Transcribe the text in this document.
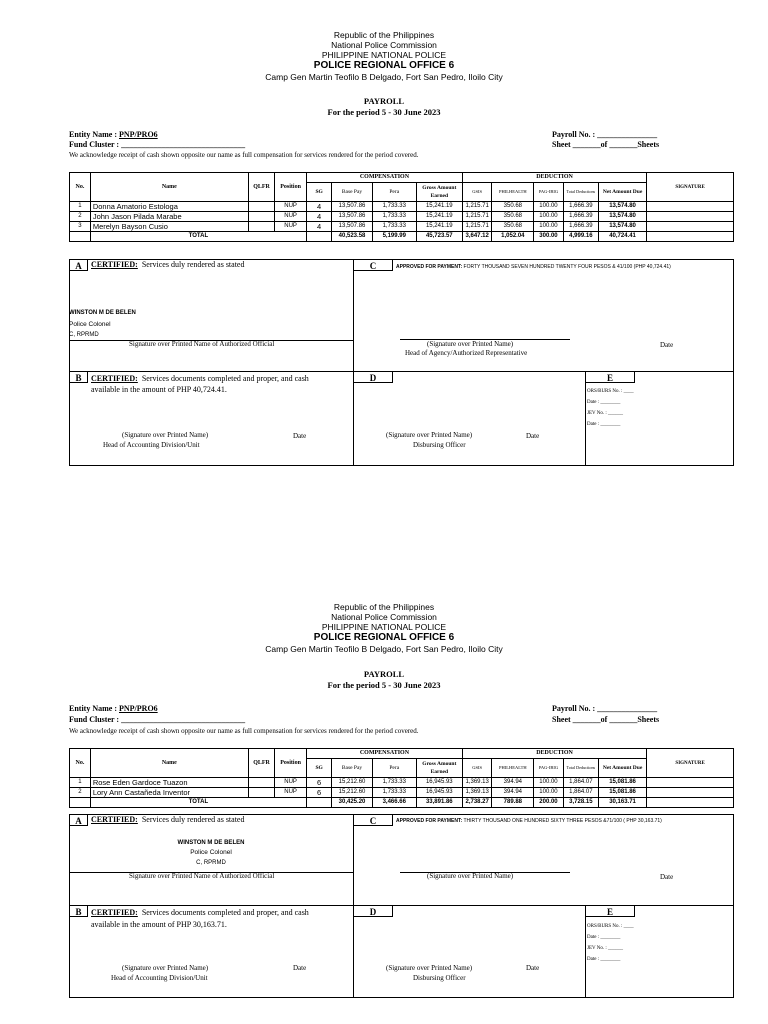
Republic of the Philippines
National Police Commission
PHILIPPINE NATIONAL POLICE
POLICE REGIONAL OFFICE 6
Camp Gen Martin Teofilo B Delgado, Fort San Pedro, Iloilo City
PAYROLL
For the period 5 - 30 June 2023
Entity Name : PNP/PRO6
Fund Cluster : _______________________________
Payroll No. : _______________
Sheet _______of _______Sheets
We acknowledge receipt of cash shown opposite our name as full compensation for services rendered for the period covered.
No.	Name	QLFR	Position	COMPENSATION				DEDUCTION					SIGNATURE
				SG	Base Pay	Pera	Gross Amount Earned	GSIS	PHILHEALTH	PAG-IBIG	Total Deductions	Net Amount Due	
1	Donna Amatorio Estologa		NUP	4	13,507.86	1,733.33	15,241.19	1,215.71	350.68	100.00	1,666.39	13,574.80	
2	John Jason Pilada Marabe		NUP	4	13,507.86	1,733.33	15,241.19	1,215.71	350.68	100.00	1,666.39	13,574.80	
3	Merelyn Bayson Cusio		NUP	4	13,507.86	1,733.33	15,241.19	1,215.71	350.68	100.00	1,666.39	13,574.80	
	TOTAL				40,523.58	5,199.99	45,723.57	3,647.12	1,052.04	300.00	4,999.16	40,724.41	
A	CERTIFIED: Services duly rendered as stated	C	APPROVED FOR PAYMENT: FORTY THOUSAND SEVEN HUNDRED TWENTY FOUR PESOS & 41/100 (PHP 40,724.41)
WINSTON M DE BELEN
Police Colonel
C, RPRMD
Signature over Printed Name of Authorized Official	(Signature over Printed Name)
Head of Agency/Authorized Representative
Date
B	CERTIFIED: Services documents completed and proper, and cash
available in the amount of PHP 40,724.41.
D	E
ORS/BURS No. : ____
Date : ________
JEV No. : ______
Date : ________
(Signature over Printed Name)
Head of Accounting Division/Unit
Date	(Signature over Printed Name)
Disbursing Officer
Date
Republic of the Philippines
National Police Commission
PHILIPPINE NATIONAL POLICE
POLICE REGIONAL OFFICE 6
Camp Gen Martin Teofilo B Delgado, Fort San Pedro, Iloilo City
PAYROLL
For the period 5 - 30 June 2023
Entity Name : PNP/PRO6
Fund Cluster : _______________________________
Payroll No. : _______________
Sheet _______of _______Sheets
We acknowledge receipt of cash shown opposite our name as full compensation for services rendered for the period covered.
No.	Name	QLFR	Position	COMPENSATION				DEDUCTION					SIGNATURE
				SG	Base Pay	Pera	Gross Amount Earned	GSIS	PHILHEALTH	PAG-IBIG	Total Deductions	Net Amount Due	
1	Rose Eden Gardoce Tuazon		NUP	6	15,212.60	1,733.33	16,945.93	1,369.13	394.94	100.00	1,864.07	15,081.86	
2	Lory Ann Castañeda Inventor		NUP	6	15,212.60	1,733.33	16,945.93	1,369.13	394.94	100.00	1,864.07	15,081.86	
	TOTAL				30,425.20	3,466.66	33,891.86	2,738.27	789.88	200.00	3,728.15	30,163.71	
A	CERTIFIED: Services duly rendered as stated	C	APPROVED FOR PAYMENT: THIRTY THOUSAND ONE HUNDRED SIXTY THREE PESOS &71/100 ( PHP 30,163.71)
WINSTON M DE BELEN
Police Colonel
C, RPRMD
Signature over Printed Name of Authorized Official	(Signature over Printed Name)	Date
B	CERTIFIED: Services documents completed and proper, and cash
available in the amount of PHP 30,163.71.
D	E
ORS/BURS No. : ____
Date : ________
JEV No. : ______
Date : ________
(Signature over Printed Name)
Head of Accounting Division/Unit
Date	(Signature over Printed Name)
Disbursing Officer
Date
